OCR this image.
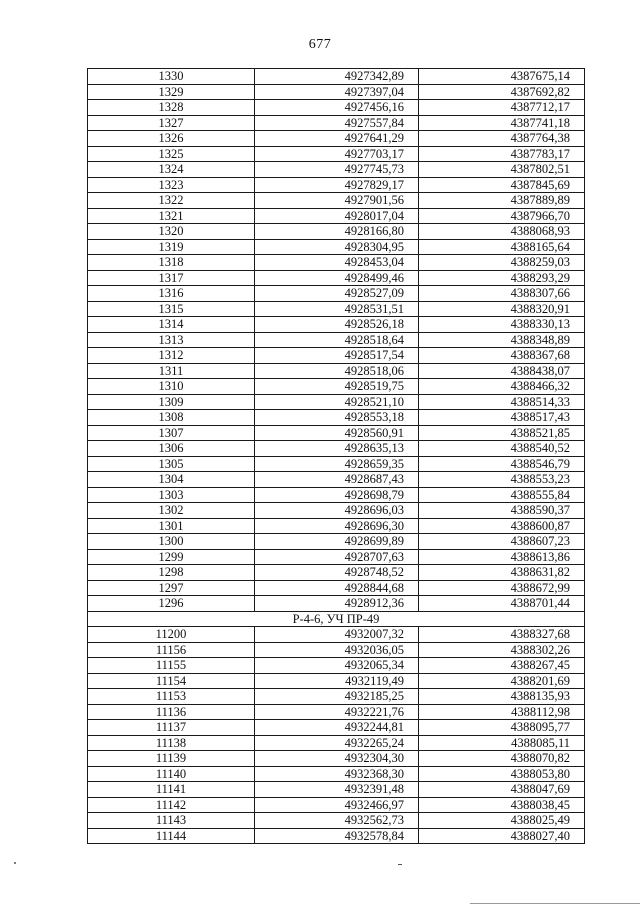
677
1330	4927342,89	4387675,14
1329	4927397,04	4387692,82
1328	4927456,16	4387712,17
1327	4927557,84	4387741,18
1326	4927641,29	4387764,38
1325	4927703,17	4387783,17
1324	4927745,73	4387802,51
1323	4927829,17	4387845,69
1322	4927901,56	4387889,89
1321	4928017,04	4387966,70
1320	4928166,80	4388068,93
1319	4928304,95	4388165,64
1318	4928453,04	4388259,03
1317	4928499,46	4388293,29
1316	4928527,09	4388307,66
1315	4928531,51	4388320,91
1314	4928526,18	4388330,13
1313	4928518,64	4388348,89
1312	4928517,54	4388367,68
1311	4928518,06	4388438,07
1310	4928519,75	4388466,32
1309	4928521,10	4388514,33
1308	4928553,18	4388517,43
1307	4928560,91	4388521,85
1306	4928635,13	4388540,52
1305	4928659,35	4388546,79
1304	4928687,43	4388553,23
1303	4928698,79	4388555,84
1302	4928696,03	4388590,37
1301	4928696,30	4388600,87
1300	4928699,89	4388607,23
1299	4928707,63	4388613,86
1298	4928748,52	4388631,82
1297	4928844,68	4388672,99
1296	4928912,36	4388701,44
Р-4-6, УЧ ПР-49		
11200	4932007,32	4388327,68
11156	4932036,05	4388302,26
11155	4932065,34	4388267,45
11154	4932119,49	4388201,69
11153	4932185,25	4388135,93
11136	4932221,76	4388112,98
11137	4932244,81	4388095,77
11138	4932265,24	4388085,11
11139	4932304,30	4388070,82
11140	4932368,30	4388053,80
11141	4932391,48	4388047,69
11142	4932466,97	4388038,45
11143	4932562,73	4388025,49
11144	4932578,84	4388027,40
